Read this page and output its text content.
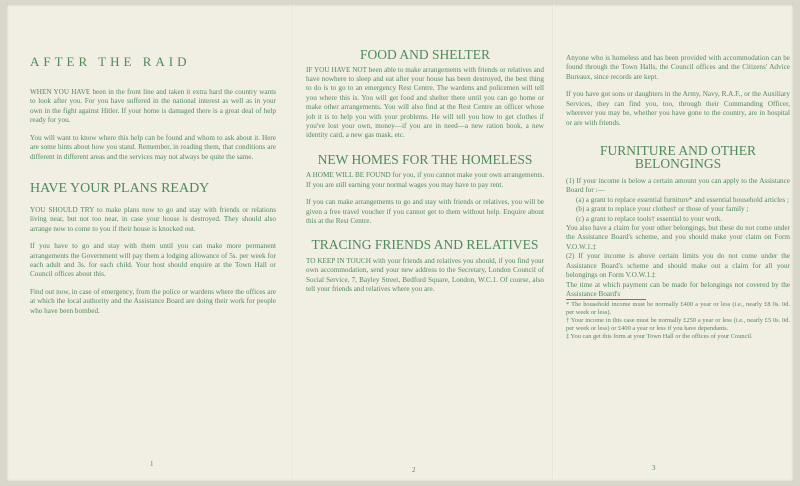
AFTER THE RAID

WHEN YOU HAVE been in the front line and taken it extra hard the country wants to look after you. For you have suffered in the national interest as well as in your own in the fight against Hitler. If your home is damaged there is a great deal of help ready for you.

You will want to know where this help can be found and whom to ask about it. Here are some hints about how you stand. Remember, in reading them, that conditions are different in different areas and the services may not always be quite the same.

HAVE YOUR PLANS READY

YOU SHOULD TRY to make plans now to go and stay with friends or relations living near, but not too near, in case your house is destroyed. They should also arrange now to come to you if their house is knocked out.

If you have to go and stay with them until you can make more permanent arrangements the Government will pay them a lodging allowance of 5s. per week for each adult and 3s. for each child. Your host should enquire at the Town Hall or Council offices about this.

Find out now, in case of emergency, from the police or wardens where the offices are at which the local authority and the Assistance Board are doing their work for people who have been bombed.

1
FOOD AND SHELTER

IF YOU HAVE NOT been able to make arrangements with friends or relatives and have nowhere to sleep and eat after your house has been destroyed, the best thing to do is to go to an emergency Rest Centre. The wardens and policemen will tell you where this is. You will get food and shelter there until you can go home or make other arrangements. You will also find at the Rest Centre an officer whose job it is to help you with your problems. He will tell you how to get clothes if you've lost your own, money—if you are in need—a new ration book, a new identity card, a new gas mask, etc.

NEW HOMES FOR THE HOMELESS

A HOME WILL BE FOUND for you, if you cannot make your own arrangements. If you are still earning your normal wages you may have to pay rent.

If you can make arrangements to go and stay with friends or relatives, you will be given a free travel voucher if you cannot get to them without help. Enquire about this at the Rest Centre.

TRACING FRIENDS AND RELATIVES

TO KEEP IN TOUCH with your friends and relatives you should, if you find your own accommodation, send your new address to the Secretary, London Council of Social Service, 7, Bayley Street, Bedford Square, London, W.C.1. Of course, also tell your friends and relatives where you are.

2

Anyone who is homeless and has been provided with accommodation can be found through the Town Halls, the Council offices and the Citizens' Advice Bureaux, since records are kept.

If you have got sons or daughters in the Army, Navy, R.A.F., or the Auxiliary Services, they can find you, too, through their Commanding Officer, wherever you may be, whether you have gone to the country, are in hospital or are with friends.

FURNITURE AND OTHER BELONGINGS

(1) If your income is below a certain amount you can apply to the Assistance Board for :—

(a) a grant to replace essential furniture* and essential household articles ;

(b) a grant to replace your clothes† or those of your family ;

(c) a grant to replace tools† essential to your work.

You also have a claim for your other belongings, but these do not come under the Assistance Board's scheme, and you should make your claim on Form V.O.W.1.‡

(2) If your income is above certain limits you do not come under the Assistance Board's scheme and should make out a claim for all your belongings on Form V.O.W.1.‡

The time at which payment can be made for belongings not covered by the Assistance Board's

* The household income must be normally £400 a year or less (i.e., nearly £8 0s. 0d. per week or less).

† Your income in this case must be normally £250 a year or less (i.e., nearly £5 0s. 0d. per week or less) or £400 a year or less if you have dependants.

‡ You can get this form at your Town Hall or the offices of your Council.

3
